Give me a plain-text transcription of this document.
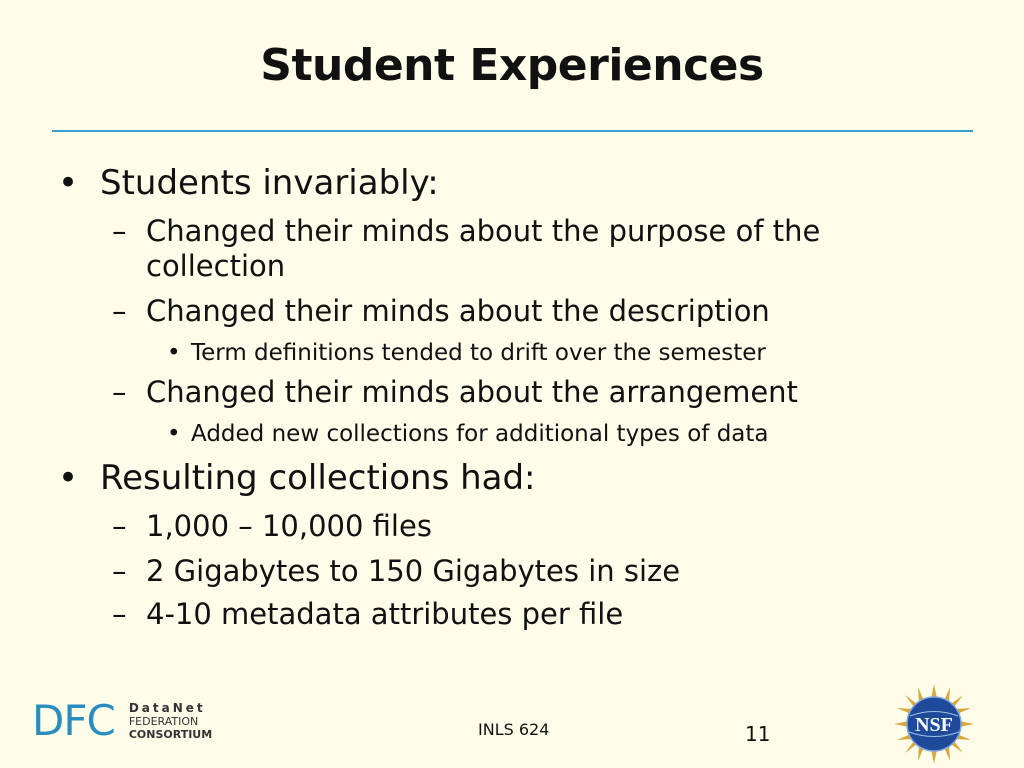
Student Experiences
• Students invariably:
– Changed their minds about the purpose of the
collection
– Changed their minds about the description
• Term definitions tended to drift over the semester
– Changed their minds about the arrangement
• Added new collections for additional types of data
• Resulting collections had:
– 1,000 – 10,000 files
– 2 Gigabytes to 150 Gigabytes in size
– 4-10 metadata attributes per file
DFC DataNet
FEDERATION
CONSORTIUM	INLS 624	11	NSF
